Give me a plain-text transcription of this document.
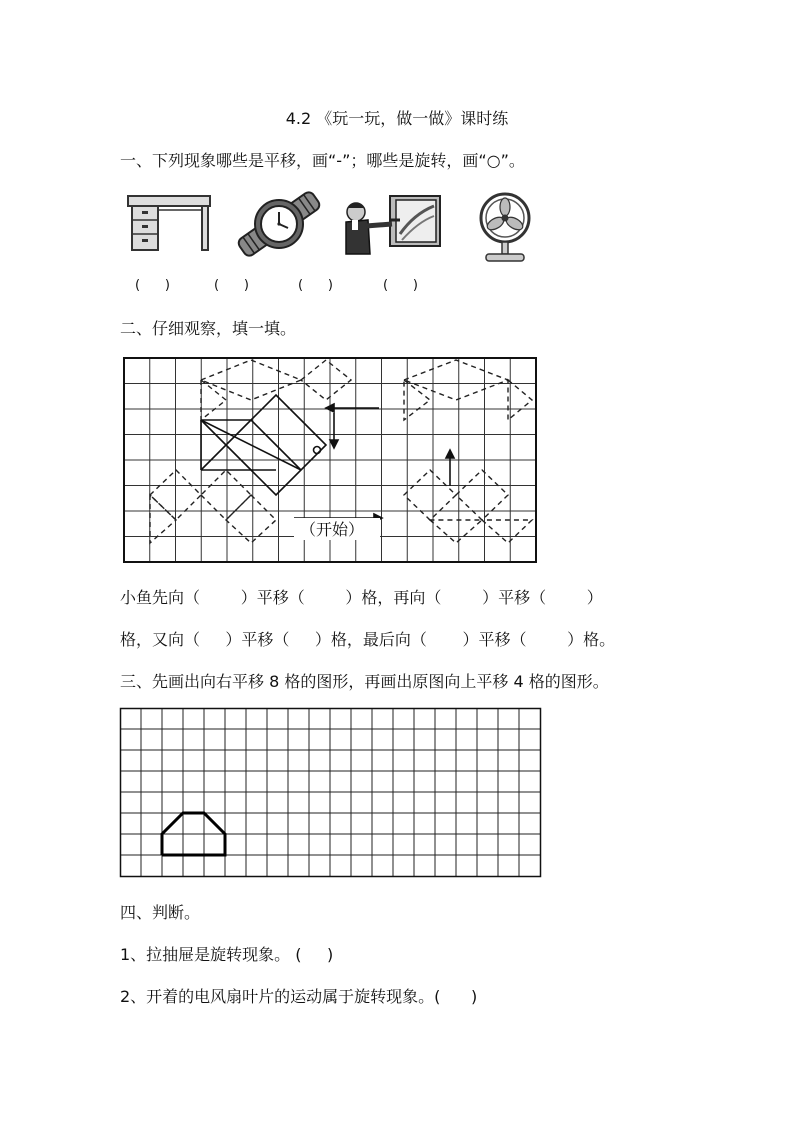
4.2 《玩一玩，做一做》课时练
一、下列现象哪些是平移，画“-”；哪些是旋转，画“○”。
(      )	(      )	(      )	(      )
二、仔细观察，填一填。
（开始）
小鱼先向（        ）平移（        ）格，再向（        ）平移（        ）
格，又向（     ）平移（     ）格，最后向（       ）平移（        ）格。
三、先画出向右平移 8 格的图形，再画出原图向上平移 4 格的图形。
四、判断。
1、拉抽屉是旋转现象。 (     )
2、开着的电风扇叶片的运动属于旋转现象。(      )
